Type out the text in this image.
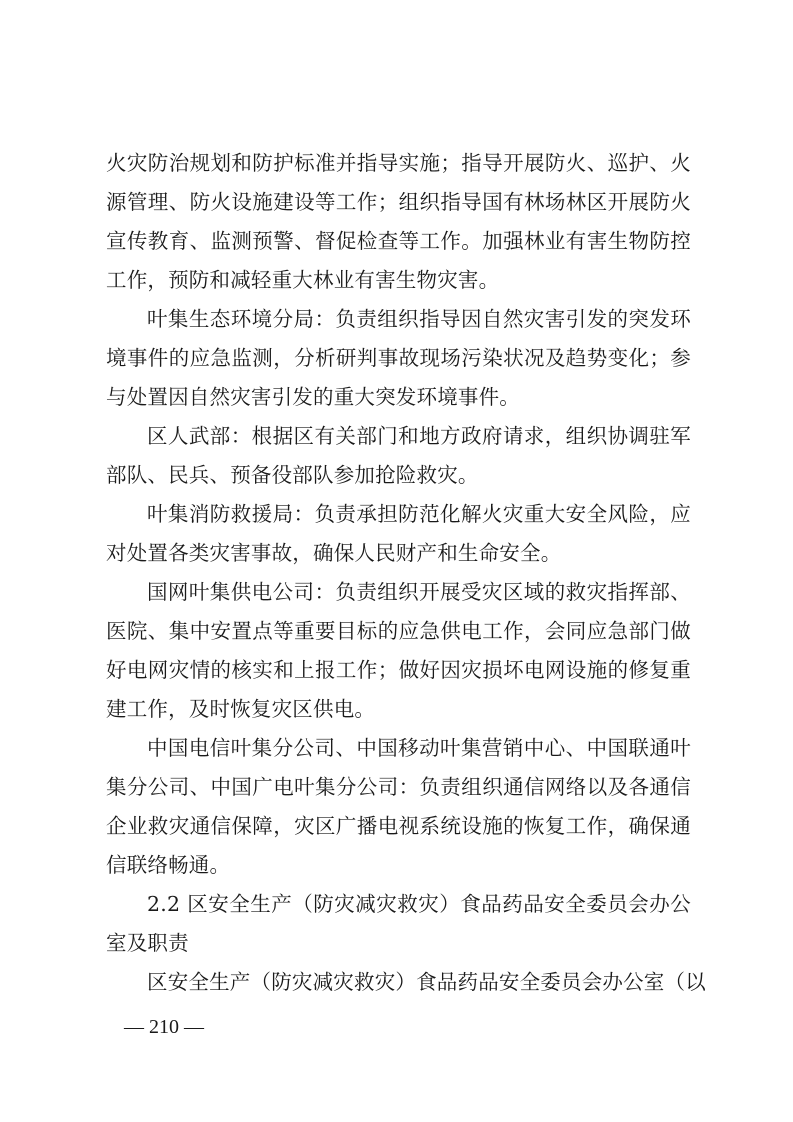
火灾防治规划和防护标准并指导实施；指导开展防火、巡护、火
源管理、防火设施建设等工作；组织指导国有林场林区开展防火
宣传教育、监测预警、督促检查等工作。加强林业有害生物防控
工作，预防和减轻重大林业有害生物灾害。
叶集生态环境分局：负责组织指导因自然灾害引发的突发环
境事件的应急监测，分析研判事故现场污染状况及趋势变化；参
与处置因自然灾害引发的重大突发环境事件。
区人武部：根据区有关部门和地方政府请求，组织协调驻军
部队、民兵、预备役部队参加抢险救灾。
叶集消防救援局：负责承担防范化解火灾重大安全风险，应
对处置各类灾害事故，确保人民财产和生命安全。
国网叶集供电公司：负责组织开展受灾区域的救灾指挥部、
医院、集中安置点等重要目标的应急供电工作，会同应急部门做
好电网灾情的核实和上报工作；做好因灾损坏电网设施的修复重
建工作，及时恢复灾区供电。
中国电信叶集分公司、中国移动叶集营销中心、中国联通叶
集分公司、中国广电叶集分公司：负责组织通信网络以及各通信
企业救灾通信保障，灾区广播电视系统设施的恢复工作，确保通
信联络畅通。
2.2 区安全生产（防灾减灾救灾）食品药品安全委员会办公
室及职责
区安全生产（防灾减灾救灾）食品药品安全委员会办公室（以
— 210 —
